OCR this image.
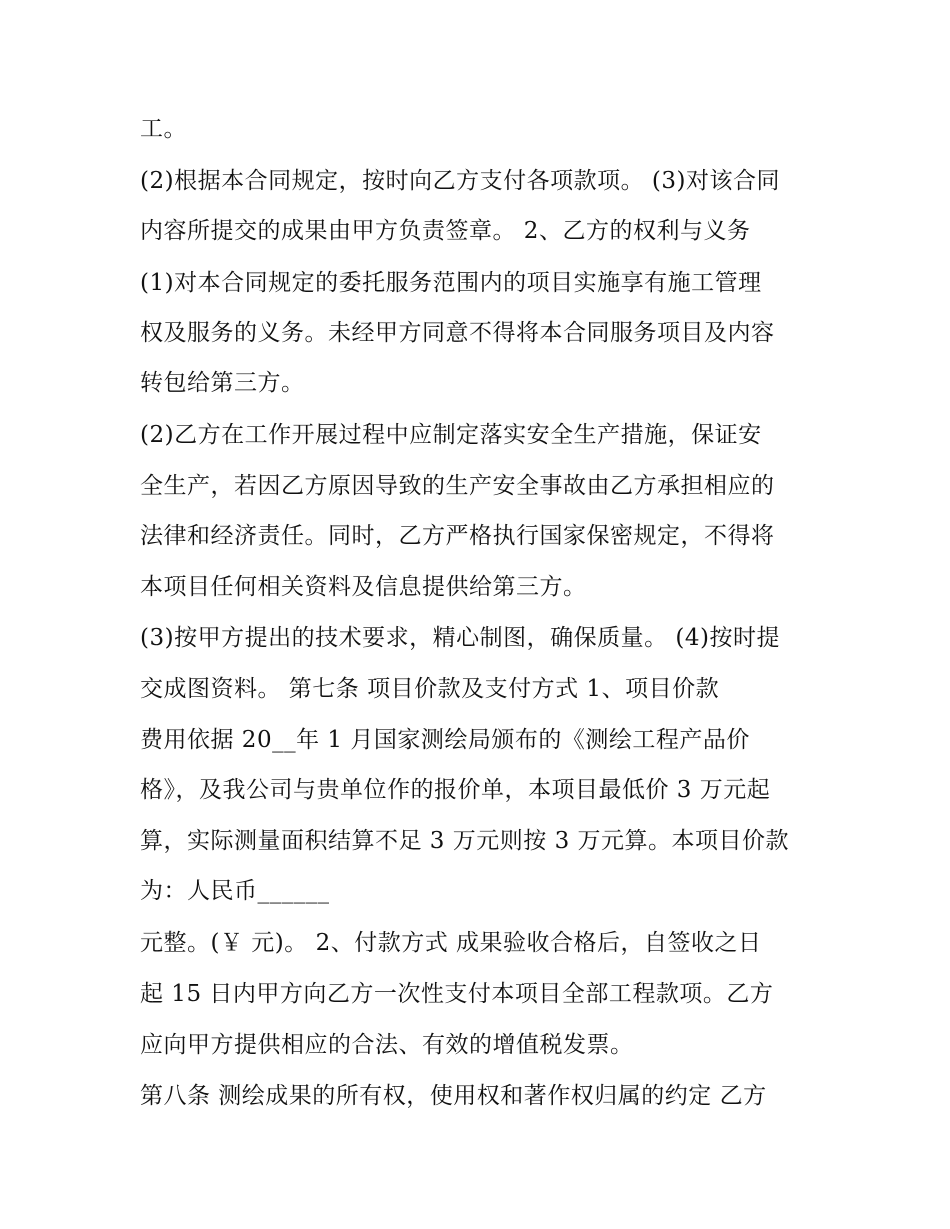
工。

(2)根据本合同规定，按时向乙方支付各项款项。 (3)对该合同

内容所提交的成果由甲方负责签章。 2、乙方的权利与义务

(1)对本合同规定的委托服务范围内的项目实施享有施工管理

权及服务的义务。未经甲方同意不得将本合同服务项目及内容

转包给第三方。

(2)乙方在工作开展过程中应制定落实安全生产措施，保证安

全生产，若因乙方原因导致的生产安全事故由乙方承担相应的

法律和经济责任。同时，乙方严格执行国家保密规定，不得将

本项目任何相关资料及信息提供给第三方。

(3)按甲方提出的技术要求，精心制图，确保质量。 (4)按时提

交成图资料。 第七条 项目价款及支付方式 1、项目价款

费用依据 20__年 1 月国家测绘局颁布的《测绘工程产品价

格》，及我公司与贵单位作的报价单，本项目最低价 3 万元起

算，实际测量面积结算不足 3 万元则按 3 万元算。本项目价款

为：人民币______

元整。(￥ 元)。 2、付款方式 成果验收合格后，自签收之日

起 15 日内甲方向乙方一次性支付本项目全部工程款项。乙方

应向甲方提供相应的合法、有效的增值税发票。

第八条 测绘成果的所有权，使用权和著作权归属的约定 乙方
